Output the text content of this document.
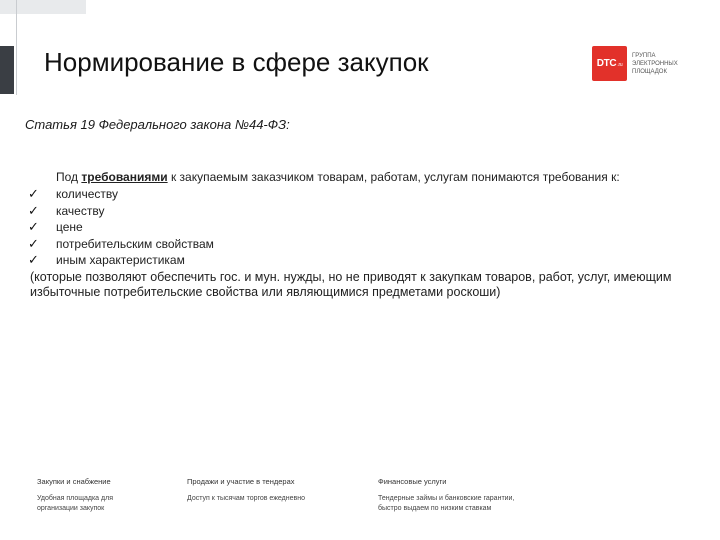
Нормирование в сфере закупок	DTC .ru
ГРУППА
ЭЛЕКТРОННЫХ
ПЛОЩАДОК
Статья 19 Федерального закона №44-ФЗ:
Под требованиями к закупаемым заказчиком товарам, работам, услугам понимаются требования к:
✓	количеству
✓	качеству
✓	цене
✓	потребительским свойствам
✓	иным характеристикам
(которые позволяют обеспечить гос. и мун. нужды, но не приводят к закупкам товаров, работ, услуг, имеющим избыточные потребительские свойства или являющимися предметами роскоши)
Закупки и снабжение
Удобная площадка для
организации закупок
Продажи и участие в тендерах
Доступ к тысячам торгов ежедневно
Финансовые услуги
Тендерные займы и банковские гарантии,
быстро выдаем по низким ставкам
